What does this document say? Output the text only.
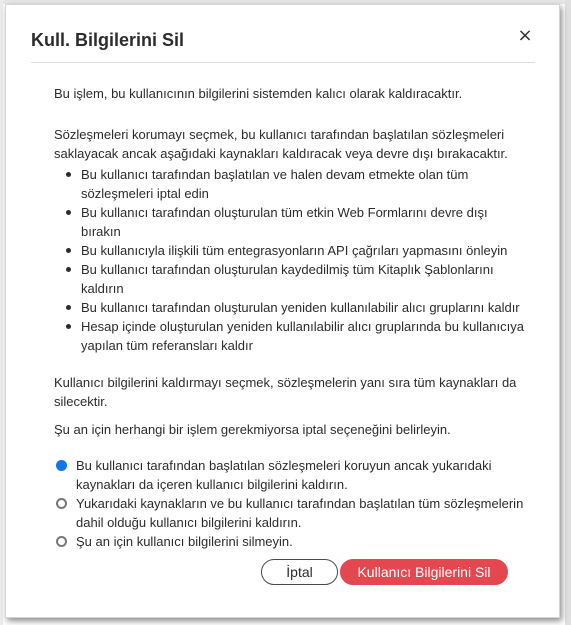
Kull. Bilgilerini Sil	×

Bu işlem, bu kullanıcının bilgilerini sistemden kalıcı olarak kaldıracaktır.

Sözleşmeleri korumayı seçmek, bu kullanıcı tarafından başlatılan sözleşmeleri saklayacak ancak aşağıdaki kaynakları kaldıracak veya devre dışı bırakacaktır.

Bu kullanıcı tarafından başlatılan ve halen devam etmekte olan tüm sözleşmeleri iptal edin
Bu kullanıcı tarafından oluşturulan tüm etkin Web Formlarını devre dışı bırakın
Bu kullanıcıyla ilişkili tüm entegrasyonların API çağrıları yapmasını önleyin
Bu kullanıcı tarafından oluşturulan kaydedilmiş tüm Kitaplık Şablonlarını kaldırın
Bu kullanıcı tarafından oluşturulan yeniden kullanılabilir alıcı gruplarını kaldır
Hesap içinde oluşturulan yeniden kullanılabilir alıcı gruplarında bu kullanıcıya yapılan tüm referansları kaldır

Kullanıcı bilgilerini kaldırmayı seçmek, sözleşmelerin yanı sıra tüm kaynakları da silecektir.

Şu an için herhangi bir işlem gerekmiyorsa iptal seçeneğini belirleyin.

Bu kullanıcı tarafından başlatılan sözleşmeleri koruyun ancak yukarıdaki kaynakları da içeren kullanıcı bilgilerini kaldırın.
Yukarıdaki kaynakların ve bu kullanıcı tarafından başlatılan tüm sözleşmelerin dahil olduğu kullanıcı bilgilerini kaldırın.
Şu an için kullanıcı bilgilerini silmeyin.
İptal	Kullanıcı Bilgilerini Sil
